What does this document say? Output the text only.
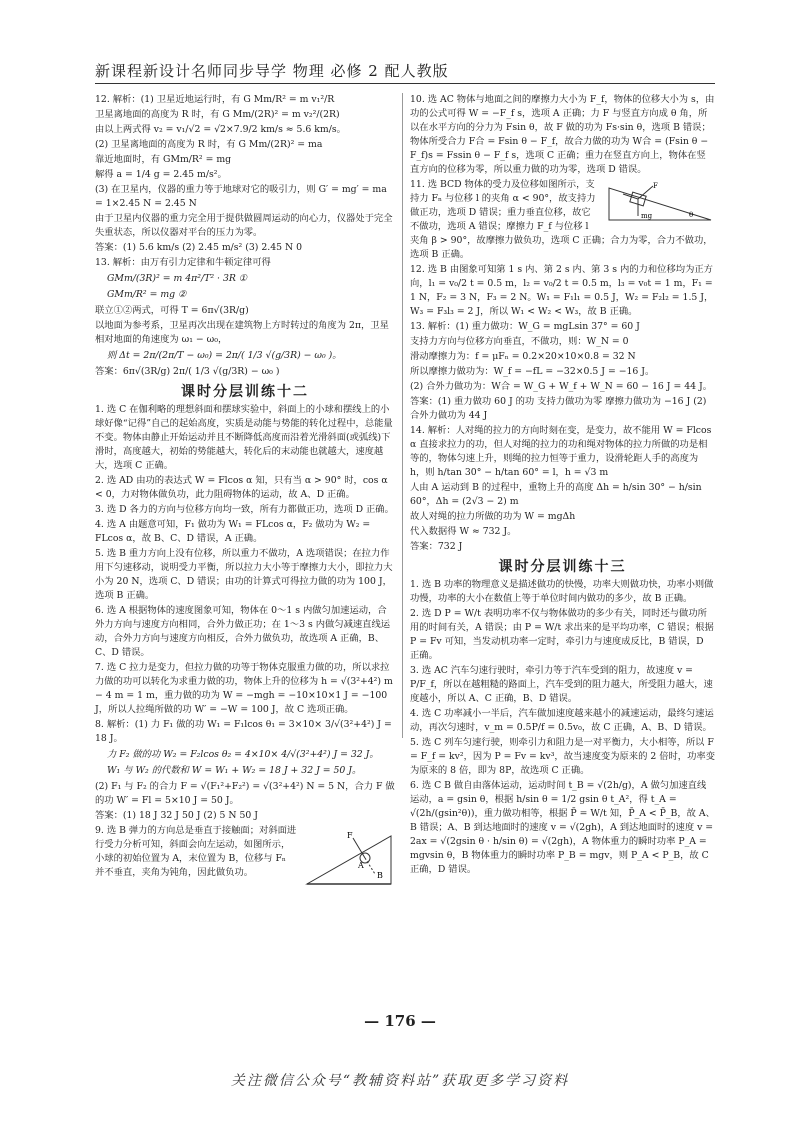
新课程新设计名师同步导学 物理 必修 2 配人教版
12. 解析：(1) 卫星近地运行时，有 G Mm/R² = m v₁²/R
卫星离地面的高度为 R 时，有 G Mm/(2R)² = m v₂²/(2R)
由以上两式得 v₂ = v₁/√2 = √2×7.9/2 km/s ≈ 5.6 km/s。
(2) 卫星离地面的高度为 R 时，有 G Mm/(2R)² = ma
靠近地面时，有 GMm/R² = mg
解得 a = 1/4 g = 2.45 m/s²。
(3) 在卫星内，仪器的重力等于地球对它的吸引力，则 G′ = mg′ = ma = 1×2.45 N = 2.45 N
由于卫星内仪器的重力完全用于提供做圆周运动的向心力，仪器处于完全失重状态，所以仪器对平台的压力为零。
答案：(1) 5.6 km/s (2) 2.45 m/s² (3) 2.45 N 0
13. 解析：由万有引力定律和牛顿定律可得
GMm/(3R)² = m 4π²/T² · 3R ①
GMm/R² = mg ②
联立①②两式，可得 T = 6π√(3R/g)
以地面为参考系，卫星再次出现在建筑物上方时转过的角度为 2π，卫星相对地面的角速度为 ω₁ − ω₀，
则 Δt = 2π/(2π/T − ω₀) = 2π/( 1/3 √(g/3R) − ω₀ )。
答案：6π√(3R/g) 2π/( 1/3 √(g/3R) − ω₀ )
课时分层训练十二
1. 选 C 在伽利略的理想斜面和摆球实验中，斜面上的小球和摆线上的小球好像“记得”自己的起始高度，实质是动能与势能的转化过程中，总能量不变。物体由静止开始运动并且不断降低高度而沿着光滑斜面(或弧线)下滑时，高度越大，初始的势能越大，转化后的末动能也就越大，速度越大，选项 C 正确。
2. 选 AD 由功的表达式 W = Flcos α 知，只有当 α > 90° 时，cos α < 0，力对物体做负功，此力阻碍物体的运动，故 A、D 正确。
3. 选 D 各力的方向与位移方向均一致，所有力都做正功，选项 D 正确。
4. 选 A 由题意可知，F₁ 做功为 W₁ = FLcos α，F₂ 做功为 W₂ = FLcos α，故 B、C、D 错误，A 正确。
5. 选 B 重力方向上没有位移，所以重力不做功，A 选项错误；在拉力作用下匀速移动，说明受力平衡，所以拉力大小等于摩擦力大小，即拉力大小为 20 N，选项 C、D 错误；由功的计算式可得拉力做的功为 100 J，选项 B 正确。
6. 选 A 根据物体的速度图象可知，物体在 0～1 s 内做匀加速运动，合外力方向与速度方向相同，合外力做正功；在 1～3 s 内做匀减速直线运动，合外力方向与速度方向相反，合外力做负功，故选项 A 正确，B、C、D 错误。
7. 选 C 拉力是变力，但拉力做的功等于物体克服重力做的功，所以求拉力做的功可以转化为求重力做的功，物体上升的位移为 h = √(3²+4²) m − 4 m = 1 m，重力做的功为 W = −mgh = −10×10×1 J = −100 J，所以人拉绳所做的功 W′ = −W = 100 J，故 C 选项正确。
8. 解析：(1) 力 F₁ 做的功 W₁ = F₁lcos θ₁ = 3×10× 3/√(3²+4²) J = 18 J。
力 F₂ 做的功 W₂ = F₂lcos θ₂ = 4×10× 4/√(3²+4²) J = 32 J。
W₁ 与 W₂ 的代数和 W = W₁ + W₂ = 18 J + 32 J = 50 J。
(2) F₁ 与 F₂ 的合力 F = √(F₁²+F₂²) = √(3²+4²) N = 5 N，合力 F 做的功 W′ = Fl = 5×10 J = 50 J。
答案：(1) 18 J 32 J 50 J (2) 5 N 50 J
F
B
A
9. 选 B 弹力的方向总是垂直于接触面；对斜面进行受力分析可知，斜面会向左运动，如图所示，小球的初始位置为 A，末位置为 B，位移与 Fₙ 并不垂直，夹角为钝角，因此做负功。
10. 选 AC 物体与地面之间的摩擦力大小为 F_f，物体的位移大小为 s，由功的公式可得 W = −F_f s，选项 A 正确；力 F 与竖直方向成 θ 角，所以在水平方向的分力为 Fsin θ，故 F 做的功为 Fs·sin θ，选项 B 错误；物体所受合力 F合 = Fsin θ − F_f，故合力做的功为 W合 = (Fsin θ − F_f)s = Fssin θ − F_f s，选项 C 正确；重力在竖直方向上，物体在竖直方向的位移为零，所以重力做的功为零，选项 D 错误。
F
mg	θ
11. 选 BCD 物体的受力及位移如图所示，支持力 Fₙ 与位移 l 的夹角 α < 90°，故支持力做正功，选项 D 错误；重力垂直位移，故它不做功，选项 A 错误；摩擦力 F_f 与位移 l 夹角 β > 90°，故摩擦力做负功，选项 C 正确；合力为零，合力不做功，选项 B 正确。
12. 选 B 由图象可知第 1 s 内、第 2 s 内、第 3 s 内的力和位移均为正方向，l₁ = v₀/2 t = 0.5 m，l₂ = v₀/2 t = 0.5 m，l₃ = v₀t = 1 m，F₁ = 1 N，F₂ = 3 N，F₃ = 2 N。W₁ = F₁l₁ = 0.5 J，W₂ = F₂l₂ = 1.5 J，W₃ = F₃l₃ = 2 J，所以 W₁ < W₂ < W₃，故 B 正确。
13. 解析：(1) 重力做功：W_G = mgLsin 37° = 60 J
支持力方向与位移方向垂直，不做功，则：W_N = 0
滑动摩擦力为：f = μFₙ = 0.2×20×10×0.8 = 32 N
所以摩擦力做功为：W_f = −fL = −32×0.5 J = −16 J。
(2) 合外力做功为：W合 = W_G + W_f + W_N = 60 − 16 J = 44 J。
答案：(1) 重力做功 60 J 的功 支持力做功为零 摩擦力做功为 −16 J (2) 合外力做功为 44 J
14. 解析：人对绳的拉力的方向时刻在变，是变力，故不能用 W = Flcos α 直接求拉力的功，但人对绳的拉力的功和绳对物体的拉力所做的功是相等的，物体匀速上升，则绳的拉力恒等于重力，设滑轮距人手的高度为 h，则 h/tan 30° − h/tan 60° = l，h = √3 m
人由 A 运动到 B 的过程中，重物上升的高度 Δh = h/sin 30° − h/sin 60°，Δh = (2√3 − 2) m
故人对绳的拉力所做的功为 W = mgΔh
代入数据得 W ≈ 732 J。
答案：732 J
课时分层训练十三
1. 选 B 功率的物理意义是描述做功的快慢，功率大则做功快，功率小则做功慢，功率的大小在数值上等于单位时间内做功的多少，故 B 正确。
2. 选 D P = W/t 表明功率不仅与物体做功的多少有关，同时还与做功所用的时间有关，A 错误；由 P = W/t 求出来的是平均功率，C 错误；根据 P = Fv 可知，当发动机功率一定时，牵引力与速度成反比，B 错误，D 正确。
3. 选 AC 汽车匀速行驶时，牵引力等于汽车受到的阻力，故速度 v = P/F_f，所以在越粗糙的路面上，汽车受到的阻力越大，所受阻力越大，速度越小，所以 A、C 正确，B、D 错误。
4. 选 C 功率减小一半后，汽车做加速度越来越小的减速运动，最终匀速运动，再次匀速时，v_m = 0.5P/f = 0.5v₀，故 C 正确，A、B、D 错误。
5. 选 C 列车匀速行驶，则牵引力和阻力是一对平衡力，大小相等，所以 F = F_f = kv²，因为 P = Fv = kv³，故当速度变为原来的 2 倍时，功率变为原来的 8 倍，即为 8P，故选项 C 正确。
6. 选 C B 做自由落体运动，运动时间 t_B = √(2h/g)，A 做匀加速直线运动，a = gsin θ，根据 h/sin θ = 1/2 gsin θ t_A²，得 t_A = √(2h/(gsin²θ))，重力做功相等，根据 P̄ = W/t 知，P̄_A < P̄_B，故 A、B 错误；A、B 到达地面时的速度 v = √(2gh)，A 到达地面时的速度 v = 2ax = √(2gsin θ · h/sin θ) = √(2gh)，A 物体重力的瞬时功率 P_A = mgvsin θ，B 物体重力的瞬时功率 P_B = mgv，则 P_A < P_B，故 C 正确，D 错误。
— 176 —
关注微信公众号“教辅资料站”获取更多学习资料
